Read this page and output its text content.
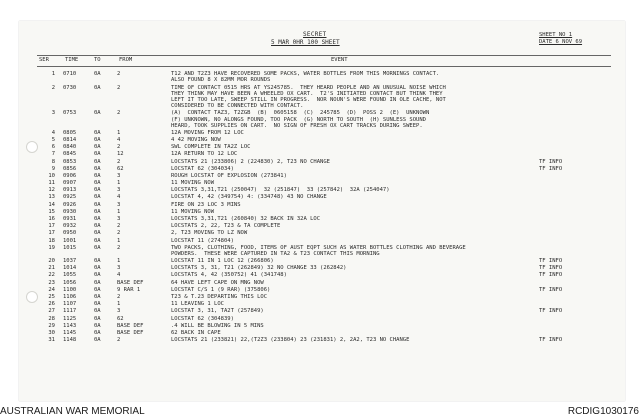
SECRET
5 MAR 0HR 100 SHEET
SHEET NO 1
DATE 6 NOV 69
SER	TIME	TO	FROM	EVENT
1 0710	0A	2	T12 AND T2Z3 HAVE RECOVERED SOME PACKS, WATER BOTTLES FROM THIS MORNINGS CONTACT.
ALSO FOUND 8 X 82MM MOR ROUNDS
2 0730	0A	2	TIME OF CONTACT 0515 HRS AT YS245785.  THEY HEARD PEOPLE AND AN UNUSUAL NOISE WHICH
THEY THINK MAY HAVE BEEN A WHEELED OX CART.  T2'S INITIATED CONTACT BUT THINK THEY
LEFT IT TOO LATE, SWEEP STILL IN PROGRESS.  NOR NOUN'S WERE FOUND IN OLE CACHE, NOT
CONSIDERED TO BE CONNECTED WITH CONTACT.
3 0753	0A	2	(A)  CONTACT TAZ3, T2ZGB  (B)  0605158  (C)  245785  (D)  POSS 2  (E)  UNKNOWN
(F) UNKNOWN, NO ALONGS FOUND, TOO PACK  (G) NORTH TO SOUTH  (H) SUNLESS SOUND
HEARD, TOOK SUPPLIES ON CART.  NO SIGN OF FRESH OX CART TRACKS DURING SWEEP.
4 0805	0A	1	12A MOVING FROM 12 LOC
5 0814	0A	4	4 42 MOVING NOW
6 0840	0A	2	SWL COMPLETE IN TA2Z LOC
7 0845	0A	12	12A RETURN TO 12 LOC
8 0853	0A	2	LOCSTATS 21 (233806) 2 (224830) 2, T23 NO CHANGE	TF INFO
9 0856	0A	62	LOCSTAT 62 (304034)	TF INFO
10 0906	0A	3	ROUGH LOCSTAT OF EXPLOSION (273841)
11 0907	0A	1	11 MOVING NOW
12 0913	0A	3	LOCSTATS 3,31,T21 (250047)  32 (251847)  33 (257842)  32A (254047)
13 0925	0A	4	LOCSTAT 4, 42 (349754) 4: (334748) 43 NO CHANGE
14 0926	0A	3	FIRE ON 23 LOC 3 MINS
15 0930	0A	1	11 MOVING NOW
16 0931	0A	3	LOCSTATS 3,31,T21 (260840) 32 BACK IN 32A LOC
17 0932	0A	2	LOCSTATS 2, 22, T23 & TA COMPLETE
17 0950	0A	2	2, T23 MOVING TO LZ NOW
18 1001	0A	1	LOCSTAT 11 (274804)
19 1015	0A	2	TWO PACKS, CLOTHING, FOOD, ITEMS OF AUST EQPT SUCH AS WATER BOTTLES CLOTHING AND BEVERAGE
POWDERS.  THESE WERE CAPTURED IN TA2 & T23 CONTACT THIS MORNING
20 1037	0A	1	LOCSTAT 11 IN 1 LOC 12 (266806)	TF INFO
21 1014	0A	3	LOCSTATS 3, 31, T21 (262849) 32 NO CHANGE 33 (262842)	TF INFO
22 1055	0A	4	LOCSTATS 4, 42 (350752) 41 (341748)	TF INFO
23 1056	0A	BASE DEF	64 HAVE LEFT CAPE ON MNG NOW
24 1100	0A	9 RAR 1	LOCSTAT C/S 1 (9 RAR) (375806)	TF INFO
25 1106	0A	2	T23 & T.23 DEPARTING THIS LOC
26 1107	0A	1	11 LEAVING 1 LOC
27 1117	0A	3	LOCSTAT 3, 31, TA2T (257849)	TF INFO
28 1125	0A	62	LOCSTAT 62 (304839)
29 1143	0A	BASE DEF	.4 WILL BE BLOWING IN 5 MINS
30 1145	0A	BASE DEF	62 BACK IN CAPE
31 1148	0A	2	LOCSTATS 21 (233821) 22,(T2Z3 (233804) 23 (231831) 2, 2A2, T23 NO CHANGE	TF INFO
AUSTRALIAN WAR MEMORIAL	RCDIG1030176
